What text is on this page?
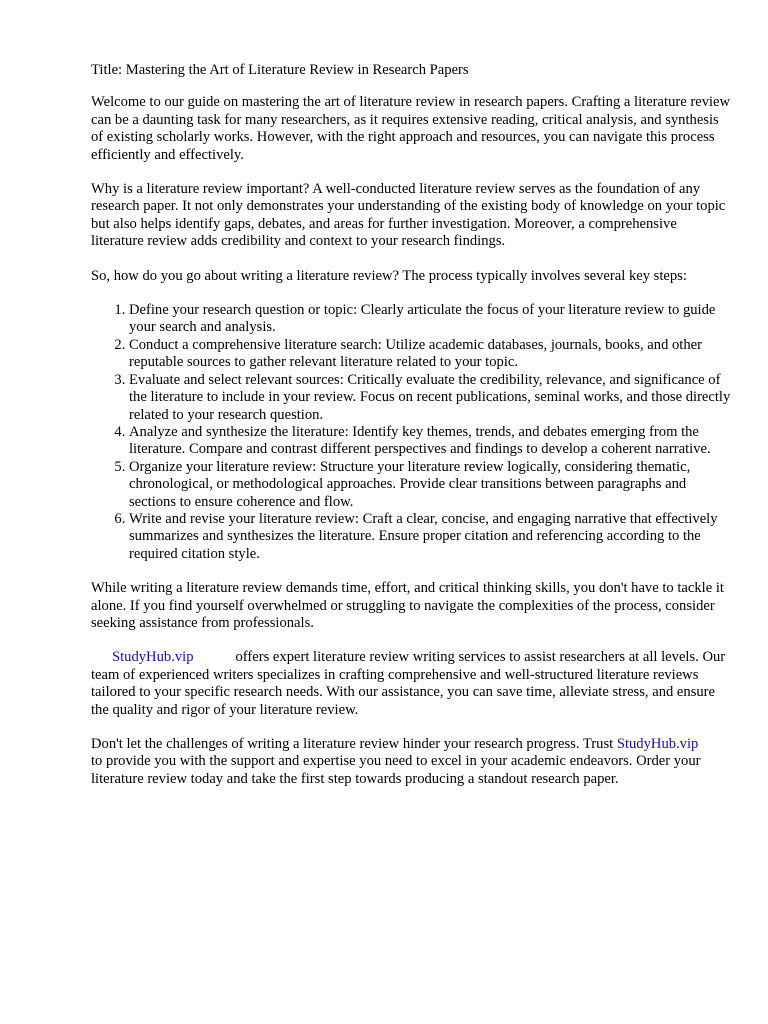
Title: Mastering the Art of Literature Review in Research Papers

Welcome to our guide on mastering the art of literature review in research papers. Crafting a literature review can be a daunting task for many researchers, as it requires extensive reading, critical analysis, and synthesis of existing scholarly works. However, with the right approach and resources, you can navigate this process efficiently and effectively.

Why is a literature review important? A well-conducted literature review serves as the foundation of any research paper. It not only demonstrates your understanding of the existing body of knowledge on your topic but also helps identify gaps, debates, and areas for further investigation. Moreover, a comprehensive literature review adds credibility and context to your research findings.

So, how do you go about writing a literature review? The process typically involves several key steps:

1. Define your research question or topic: Clearly articulate the focus of your literature review to guide your search and analysis.
2. Conduct a comprehensive literature search: Utilize academic databases, journals, books, and other reputable sources to gather relevant literature related to your topic.
3. Evaluate and select relevant sources: Critically evaluate the credibility, relevance, and significance of the literature to include in your review. Focus on recent publications, seminal works, and those directly related to your research question.
4. Analyze and synthesize the literature: Identify key themes, trends, and debates emerging from the literature. Compare and contrast different perspectives and findings to develop a coherent narrative.
5. Organize your literature review: Structure your literature review logically, considering thematic, chronological, or methodological approaches. Provide clear transitions between paragraphs and sections to ensure coherence and flow.
6. Write and revise your literature review: Craft a clear, concise, and engaging narrative that effectively summarizes and synthesizes the literature. Ensure proper citation and referencing according to the required citation style.

While writing a literature review demands time, effort, and critical thinking skills, you don't have to tackle it alone. If you find yourself overwhelmed or struggling to navigate the complexities of the process, consider seeking assistance from professionals.

StudyHub.vip	offers expert literature review writing services to assist researchers at all levels. Our team of experienced writers specializes in crafting comprehensive and well-structured literature reviews tailored to your specific research needs. With our assistance, you can save time, alleviate stress, and ensure the quality and rigor of your literature review.

Don't let the challenges of writing a literature review hinder your research progress. Trust StudyHub.vipto provide you with the support and expertise you need to excel in your academic endeavors. Order your literature review today and take the first step towards producing a standout research paper.
